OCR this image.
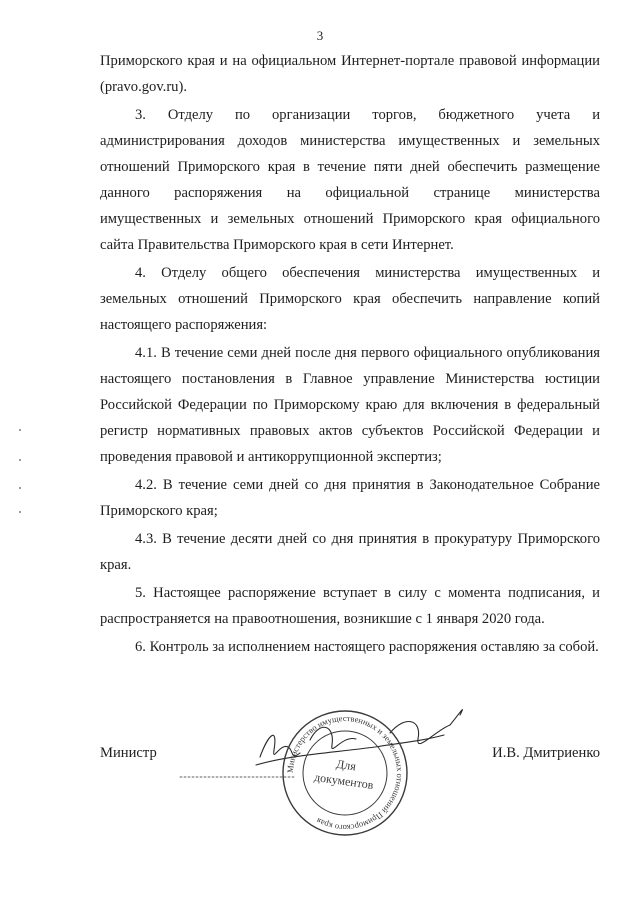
3

Приморского края и на официальном Интернет-портале правовой информации (pravo.gov.ru).

3. Отделу по организации торгов, бюджетного учета и администрирования доходов министерства имущественных и земельных отношений Приморского края в течение пяти дней обеспечить размещение данного распоряжения на официальной странице министерства имущественных и земельных отношений Приморского края официального сайта Правительства Приморского края в сети Интернет.

4. Отделу общего обеспечения министерства имущественных и земельных отношений Приморского края обеспечить направление копий настоящего распоряжения:

4.1. В течение семи дней после дня первого официального опубликования настоящего постановления в Главное управление Министерства юстиции Российской Федерации по Приморскому краю для включения в федеральный регистр нормативных правовых актов субъектов Российской Федерации и проведения правовой и антикоррупционной экспертиз;

4.2. В течение семи дней со дня принятия в Законодательное Собрание Приморского края;

4.3. В течение десяти дней со дня принятия в прокуратуру Приморского края.

5. Настоящее распоряжение вступает в силу с момента подписания, и распространяется на правоотношения, возникшие с 1 января 2020 года.

6. Контроль за исполнением настоящего распоряжения оставляю за собой.

Министр	И.В. Дмитриенко
Министерство имущественных и земельных отношений Приморского края
Для
документов
